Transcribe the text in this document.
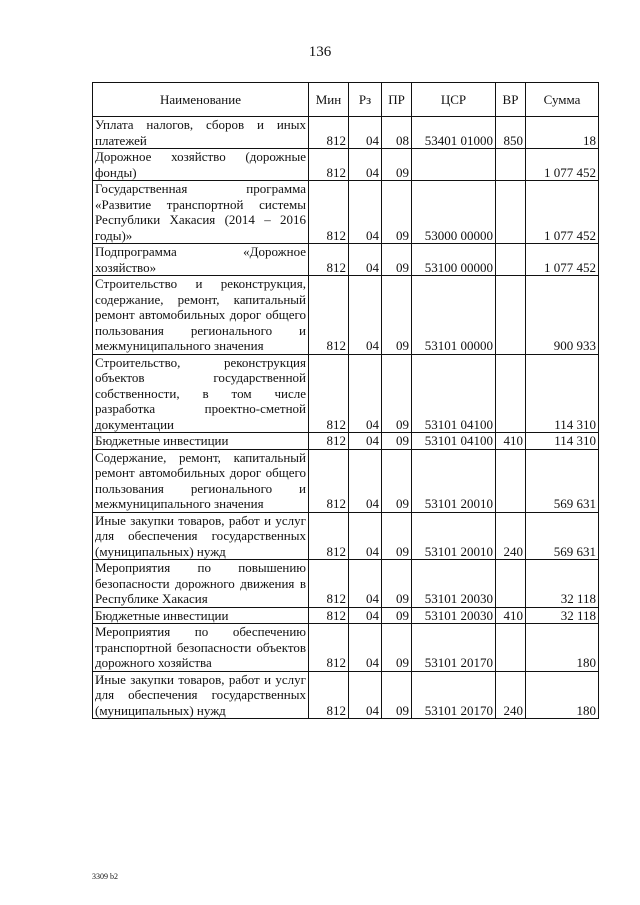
136
Наименование	Мин	Рз	ПР	ЦСР	ВР	Сумма
Уплата налогов, сборов и иных платежей	812	04	08	53401 01000	850	18
Дорожное хозяйство (дорожные фонды)	812	04	09			1 077 452
Государственная программа «Развитие транспортной системы Республики Хакасия (2014 – 2016 годы)»	812	04	09	53000 00000		1 077 452
Подпрограмма «Дорожное хозяйство»	812	04	09	53100 00000		1 077 452
Строительство и реконструкция, содержание, ремонт, капитальный ремонт автомобильных дорог общего пользования регионального и межмуниципального значения	812	04	09	53101 00000		900 933
Строительство, реконструкция объектов государственной собственности, в том числе разработка проектно-сметной документации	812	04	09	53101 04100		114 310
Бюджетные инвестиции	812	04	09	53101 04100	410	114 310
Содержание, ремонт, капитальный ремонт автомобильных дорог общего пользования регионального и межмуниципального значения	812	04	09	53101 20010		569 631
Иные закупки товаров, работ и услуг для обеспечения государственных (муниципальных) нужд	812	04	09	53101 20010	240	569 631
Мероприятия по повышению безопасности дорожного движения в Республике Хакасия	812	04	09	53101 20030		32 118
Бюджетные инвестиции	812	04	09	53101 20030	410	32 118
Мероприятия по обеспечению транспортной безопасности объектов дорожного хозяйства	812	04	09	53101 20170		180
Иные закупки товаров, работ и услуг для обеспечения государственных (муниципальных) нужд	812	04	09	53101 20170	240	180
3309 b2
